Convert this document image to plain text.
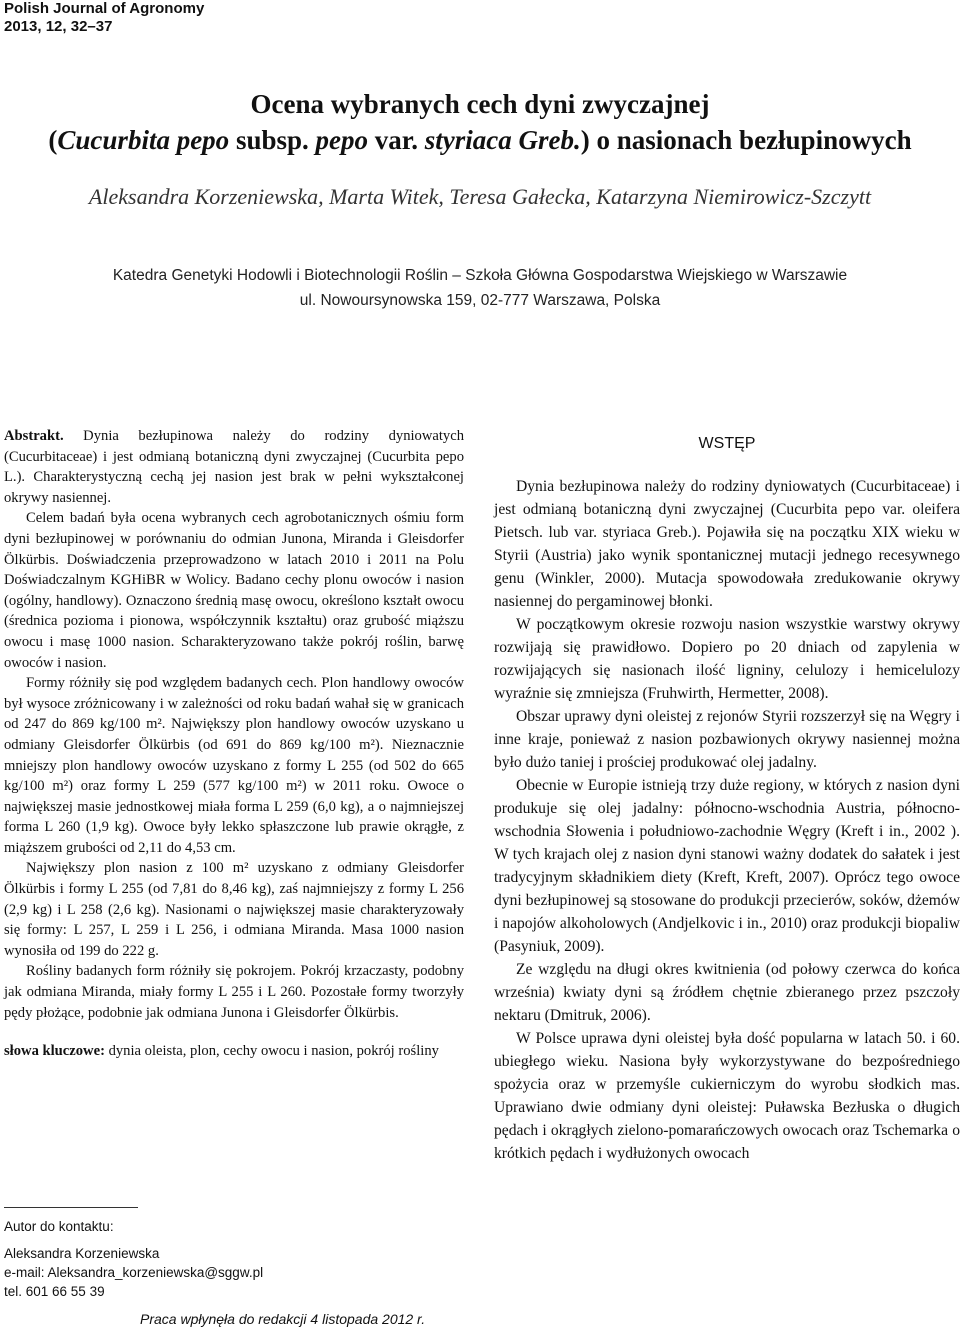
Polish Journal of Agronomy
2013, 12, 32–37
Ocena wybranych cech dyni zwyczajnej
(Cucurbita pepo subsp. pepo var. styriaca Greb.) o nasionach bezłupinowych
Aleksandra Korzeniewska, Marta Witek, Teresa Gałecka, Katarzyna Niemirowicz-Szczytt
Katedra Genetyki Hodowli i Biotechnologii Roślin – Szkoła Główna Gospodarstwa Wiejskiego w Warszawie
ul. Nowoursynowska 159, 02-777 Warszawa, Polska

Abstrakt. Dynia bezłupinowa należy do rodziny dyniowatych (Cucurbitaceae) i jest odmianą botaniczną dyni zwyczajnej (Cucurbita pepo L.). Charakterystyczną cechą jej nasion jest brak w pełni wykształconej okrywy nasiennej.

Celem badań była ocena wybranych cech agrobotanicznych ośmiu form dyni bezłupinowej w porównaniu do odmian Junona, Miranda i Gleisdorfer Ölkürbis. Doświadczenia przeprowadzono w latach 2010 i 2011 na Polu Doświadczalnym KGHiBR w Wolicy. Badano cechy plonu owoców i nasion (ogólny, handlowy). Oznaczono średnią masę owocu, określono kształt owocu (średnica pozioma i pionowa, współczynnik kształtu) oraz grubość miąższu owocu i masę 1000 nasion. Scharakteryzowano także pokrój roślin, barwę owoców i nasion.

Formy różniły się pod względem badanych cech. Plon handlowy owoców był wysoce zróżnicowany i w zależności od roku badań wahał się w granicach od 247 do 869 kg/100 m². Największy plon handlowy owoców uzyskano u odmiany Gleisdorfer Ölkürbis (od 691 do 869 kg/100 m²). Nieznacznie mniejszy plon handlowy owoców uzyskano z formy L 255 (od 502 do 665 kg/100 m²) oraz formy L 259 (577 kg/100 m²) w 2011 roku. Owoce o największej masie jednostkowej miała forma L 259 (6,0 kg), a o najmniejszej forma L 260 (1,9 kg). Owoce były lekko spłaszczone lub prawie okrągłe, z miąższem grubości od 2,11 do 4,53 cm.

Największy plon nasion z 100 m² uzyskano z odmiany Gleisdorfer Ölkürbis i formy L 255 (od 7,81 do 8,46 kg), zaś najmniejszy z formy L 256 (2,9 kg) i L 258 (2,6 kg). Nasionami o największej masie charakteryzowały się formy: L 257, L 259 i L 256, i odmiana Miranda. Masa 1000 nasion wynosiła od 199 do 222 g.

Rośliny badanych form różniły się pokrojem. Pokrój krzaczasty, podobny jak odmiana Miranda, miały formy L 255 i L 260. Pozostałe formy tworzyły pędy płożące, podobnie jak odmiana Junona i Gleisdorfer Ölkürbis.

słowa kluczowe: dynia oleista, plon, cechy owocu i nasion, pokrój rośliny

Autor do kontaktu:
Aleksandra Korzeniewska
e-mail: Aleksandra_korzeniewska@sggw.pl
tel. 601 66 55 39
Praca wpłynęła do redakcji 4 listopada 2012 r.

WSTĘP

Dynia bezłupinowa należy do rodziny dyniowatych (Cucurbitaceae) i jest odmianą botaniczną dyni zwyczajnej (Cucurbita pepo var. oleifera Pietsch. lub var. styriaca Greb.). Pojawiła się na początku XIX wieku w Styrii (Austria) jako wynik spontanicznej mutacji jednego recesywnego genu (Winkler, 2000). Mutacja spowodowała zredukowanie okrywy nasiennej do pergaminowej błonki.

W początkowym okresie rozwoju nasion wszystkie warstwy okrywy rozwijają się prawidłowo. Dopiero po 20 dniach od zapylenia w rozwijających się nasionach ilość ligniny, celulozy i hemicelulozy wyraźnie się zmniejsza (Fruhwirth, Hermetter, 2008).

Obszar uprawy dyni oleistej z rejonów Styrii rozszerzył się na Węgry i inne kraje, ponieważ z nasion pozbawionych okrywy nasiennej można było dużo taniej i prościej produkować olej jadalny.

Obecnie w Europie istnieją trzy duże regiony, w których z nasion dyni produkuje się olej jadalny: północno-wschodnia Austria, północno-wschodnia Słowenia i południowo-zachodnie Węgry (Kreft i in., 2002 ). W tych krajach olej z nasion dyni stanowi ważny dodatek do sałatek i jest tradycyjnym składnikiem diety (Kreft, Kreft, 2007). Oprócz tego owoce dyni bezłupinowej są stosowane do produkcji przecierów, soków, dżemów i napojów alkoholowych (Andjelkovic i in., 2010) oraz produkcji biopaliw (Pasyniuk, 2009).

Ze względu na długi okres kwitnienia (od połowy czerwca do końca września) kwiaty dyni są źródłem chętnie zbieranego przez pszczoły nektaru (Dmitruk, 2006).

W Polsce uprawa dyni oleistej była dość popularna w latach 50. i 60. ubiegłego wieku. Nasiona były wykorzystywane do bezpośredniego spożycia oraz w przemyśle cukierniczym do wyrobu słodkich mas. Uprawiano dwie odmiany dyni oleistej: Puławska Bezłuska o długich pędach i okrągłych zielono-pomarańczowych owocach oraz Tschemarka o krótkich pędach i wydłużonych owocach
